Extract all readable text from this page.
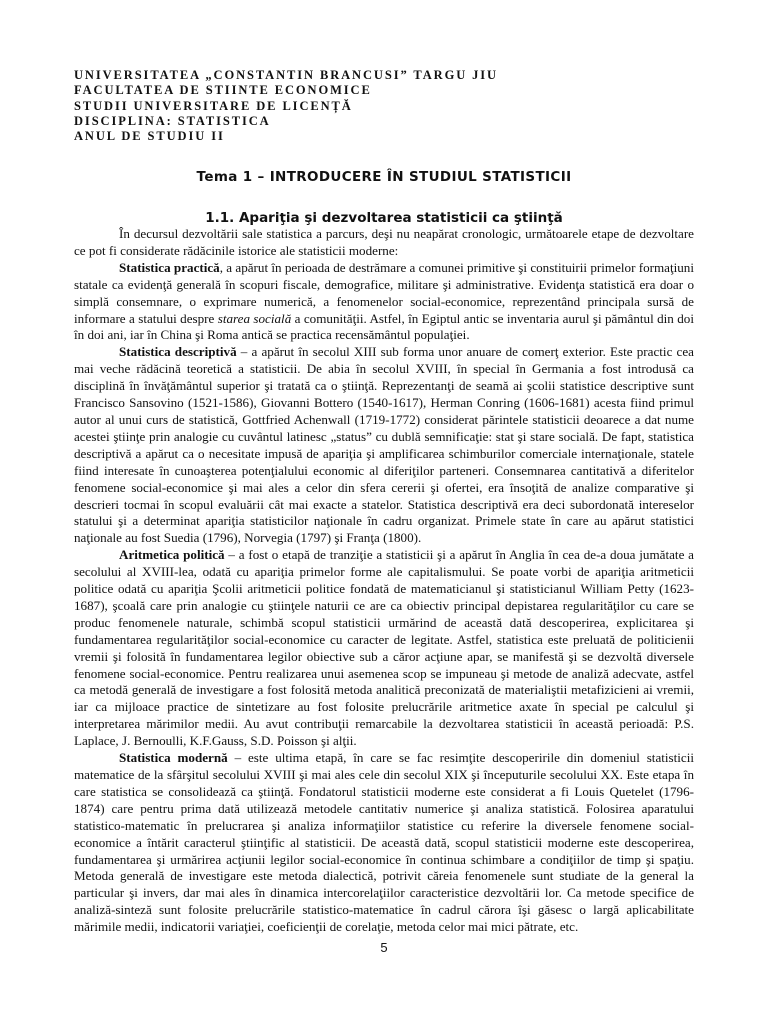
UNIVERSITATEA „CONSTANTIN BRANCUSI” TARGU JIU
FACULTATEA DE STIINTE ECONOMICE
STUDII UNIVERSITARE DE LICENȚĂ
DISCIPLINA: STATISTICA
ANUL DE STUDIU II
Tema 1 – INTRODUCERE ÎN STUDIUL STATISTICII
1.1. Apariţia şi dezvoltarea statisticii ca ştiinţă

În decursul dezvoltării sale statistica a parcurs, deşi nu neapărat cronologic, următoarele etape de dezvoltare ce pot fi considerate rădăcinile istorice ale statisticii moderne:

Statistica practică, a apărut în perioada de destrămare a comunei primitive şi constituirii primelor formaţiuni statale ca evidenţă generală în scopuri fiscale, demografice, militare şi administrative. Evidenţa statistică era doar o simplă consemnare, o exprimare numerică, a fenomenelor social-economice, reprezentând principala sursă de informare a statului despre starea socială a comunităţii. Astfel, în Egiptul antic se inventaria aurul şi pământul din doi în doi ani, iar în China şi Roma antică se practica recensământul populaţiei.

Statistica descriptivă – a apărut în secolul XIII sub forma unor anuare de comerţ exterior. Este practic cea mai veche rădăcină teoretică a statisticii. De abia în secolul XVIII, în special în Germania a fost introdusă ca disciplină în învăţământul superior şi tratată ca o ştiinţă. Reprezentanţi de seamă ai şcolii statistice descriptive sunt Francisco Sansovino (1521-1586), Giovanni Bottero (1540-1617), Herman Conring (1606-1681) acesta fiind primul autor al unui curs de statistică, Gottfried Achenwall (1719-1772) considerat părintele statisticii deoarece a dat nume acestei ştiinţe prin analogie cu cuvântul latinesc „status” cu dublă semnificaţie: stat şi stare socială. De fapt, statistica descriptivă a apărut ca o necesitate impusă de apariţia şi amplificarea schimburilor comerciale internaţionale, statele fiind interesate în cunoaşterea potenţialului economic al diferiţilor parteneri. Consemnarea cantitativă a diferitelor fenomene social-economice şi mai ales a celor din sfera cererii şi ofertei, era însoţită de analize comparative şi descrieri tocmai în scopul evaluării cât mai exacte a statelor. Statistica descriptivă era deci subordonată intereselor statului şi a determinat apariţia statisticilor naţionale în cadru organizat. Primele state în care au apărut statistici naţionale au fost Suedia (1796), Norvegia (1797) şi Franţa (1800).

Aritmetica politică – a fost o etapă de tranziţie a statisticii şi a apărut în Anglia în cea de-a doua jumătate a secolului al XVIII-lea, odată cu apariţia primelor forme ale capitalismului. Se poate vorbi de apariţia aritmeticii politice odată cu apariţia Şcolii aritmeticii politice fondată de matematicianul şi statisticianul William Petty (1623-1687), şcoală care prin analogie cu ştiinţele naturii ce are ca obiectiv principal depistarea regularităţilor cu care se produc fenomenele naturale, schimbă scopul statisticii urmărind de această dată descoperirea, explicitarea şi fundamentarea regularităţilor social-economice cu caracter de legitate. Astfel, statistica este preluată de politicienii vremii şi folosită în fundamentarea legilor obiective sub a căror acţiune apar, se manifestă şi se dezvoltă diversele fenomene social-economice. Pentru realizarea unui asemenea scop se impuneau şi metode de analiză adecvate, astfel ca metodă generală de investigare a fost folosită metoda analitică preconizată de materialiştii metafizicieni ai vremii, iar ca mijloace practice de sintetizare au fost folosite prelucrările aritmetice axate în special pe calculul şi interpretarea mărimilor medii. Au avut contribuţii remarcabile la dezvoltarea statisticii în această perioadă: P.S. Laplace, J. Bernoulli, K.F.Gauss, S.D. Poisson şi alţii.

Statistica modernă – este ultima etapă, în care se fac resimţite descoperirile din domeniul statisticii matematice de la sfârşitul secolului XVIII şi mai ales cele din secolul XIX şi începuturile secolului XX. Este etapa în care statistica se consolidează ca ştiinţă. Fondatorul statisticii moderne este considerat a fi Louis Quetelet (1796-1874) care pentru prima dată utilizează metodele cantitativ numerice şi analiza statistică. Folosirea aparatului statistico-matematic în prelucrarea şi analiza informaţiilor statistice cu referire la diversele fenomene social-economice a întărit caracterul ştiinţific al statisticii. De această dată, scopul statisticii moderne este descoperirea, fundamentarea şi urmărirea acţiunii legilor social-economice în continua schimbare a condiţiilor de timp şi spaţiu. Metoda generală de investigare este metoda dialectică, potrivit căreia fenomenele sunt studiate de la general la particular şi invers, dar mai ales în dinamica intercorelaţiilor caracteristice dezvoltării lor. Ca metode specifice de analiză-sinteză sunt folosite prelucrările statistico-matematice în cadrul cărora îşi găsesc o largă aplicabilitate mărimile medii, indicatorii variaţiei, coeficienţii de corelaţie, metoda celor mai mici pătrate, etc.

5
